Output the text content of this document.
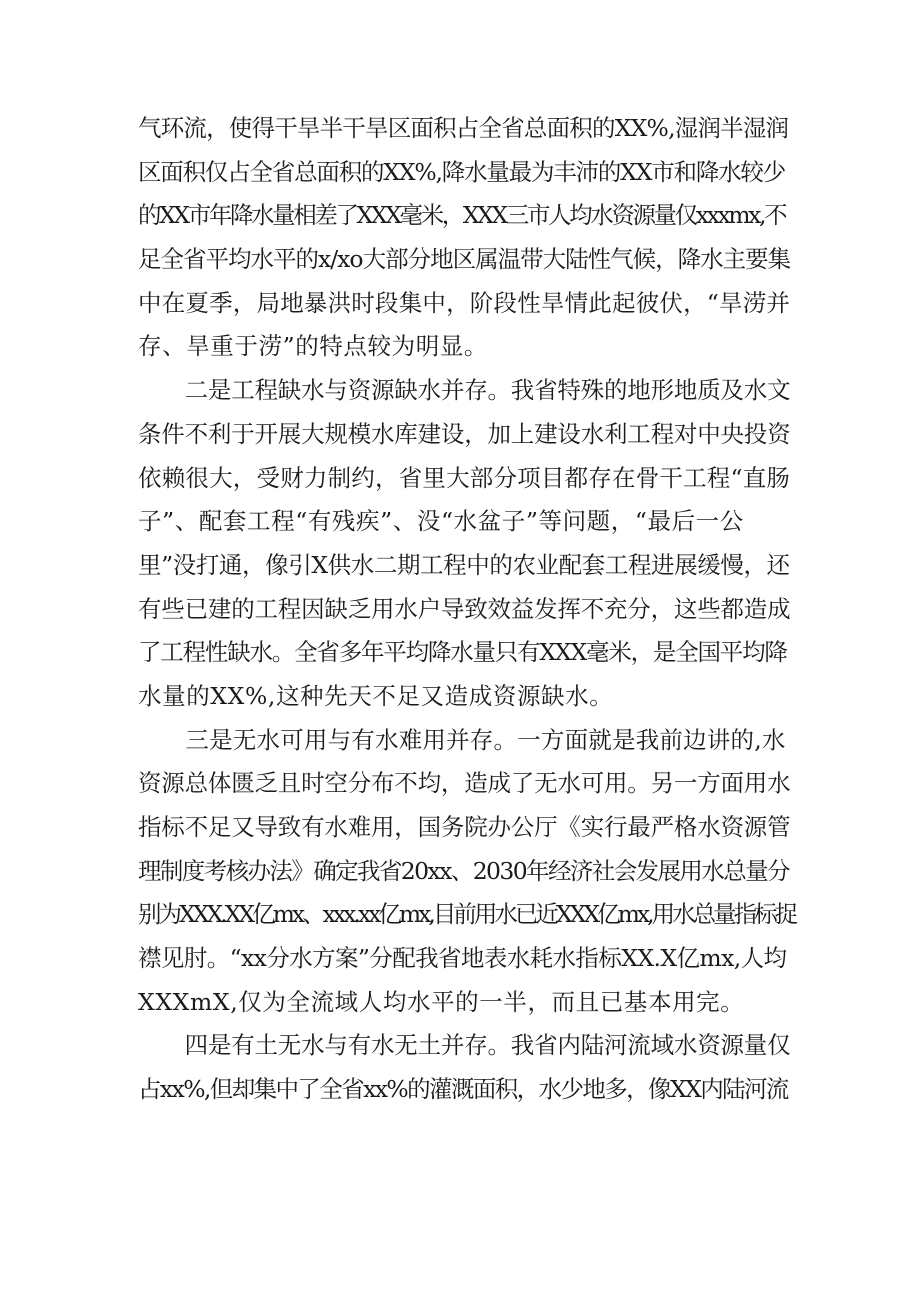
气环流，使得干旱半干旱区面积占全省总面积的XX%,湿润半湿润
区面积仅占全省总面积的XX%,降水量最为丰沛的XX市和降水较少
的XX市年降水量相差了XXX毫米，XXX三市人均水资源量仅xxxmx,不
足全省平均水平的x/xo大部分地区属温带大陆性气候，降水主要集
中在夏季，局地暴洪时段集中，阶段性旱情此起彼伏，“旱涝并
存、旱重于涝”的特点较为明显。

　　二是工程缺水与资源缺水并存。我省特殊的地形地质及水文
条件不利于开展大规模水库建设，加上建设水利工程对中央投资
依赖很大，受财力制约，省里大部分项目都存在骨干工程“直肠
子”、配套工程“有残疾”、没“水盆子”等问题，“最后一公
里”没打通，像引X供水二期工程中的农业配套工程进展缓慢，还
有些已建的工程因缺乏用水户导致效益发挥不充分，这些都造成
了工程性缺水。全省多年平均降水量只有XXX毫米，是全国平均降
水量的XX%,这种先天不足又造成资源缺水。

　　三是无水可用与有水难用并存。一方面就是我前边讲的,水
资源总体匮乏且时空分布不均，造成了无水可用。另一方面用水
指标不足又导致有水难用，国务院办公厅《实行最严格水资源管
理制度考核办法》确定我省20xx、2030年经济社会发展用水总量分
别为XXX.XX亿mx、xxx.xx亿mx,目前用水已近XXX亿mx,用水总量指标捉
襟见肘。“xx分水方案”分配我省地表水耗水指标XX.X亿mx,人均
XXXmX,仅为全流域人均水平的一半，而且已基本用完。

　　四是有土无水与有水无土并存。我省内陆河流域水资源量仅
占xx%,但却集中了全省xx%的灌溉面积，水少地多，像XX内陆河流
